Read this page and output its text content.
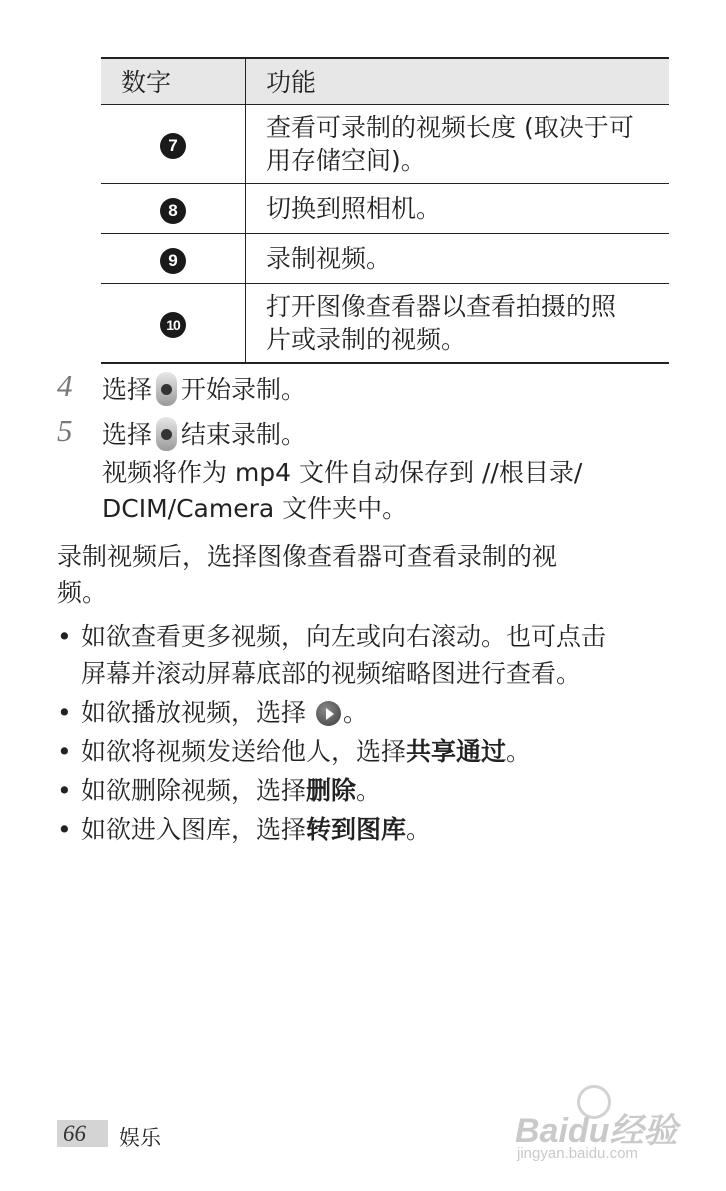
数字	功能
7	查看可录制的视频长度 (取决于可
用存储空间)。

8	切换到照相机。
9	录制视频。
10	打开图像查看器以查看拍摄的照
片或录制的视频。
4 选择 开始录制。
5 选择 结束录制。
视频将作为 mp4 文件自动保存到 //根目录/
DCIM/Camera 文件夹中。
录制视频后，选择图像查看器可查看录制的视
频。
• 如欲查看更多视频，向左或向右滚动。也可点击
屏幕并滚动屏幕底部的视频缩略图进行查看。
• 如欲播放视频，选择 。
• 如欲将视频发送给他人，选择共享通过。
• 如欲删除视频，选择删除。
• 如欲进入图库，选择转到图库。
66	娱乐	Baidu经验
jingyan.baidu.com
